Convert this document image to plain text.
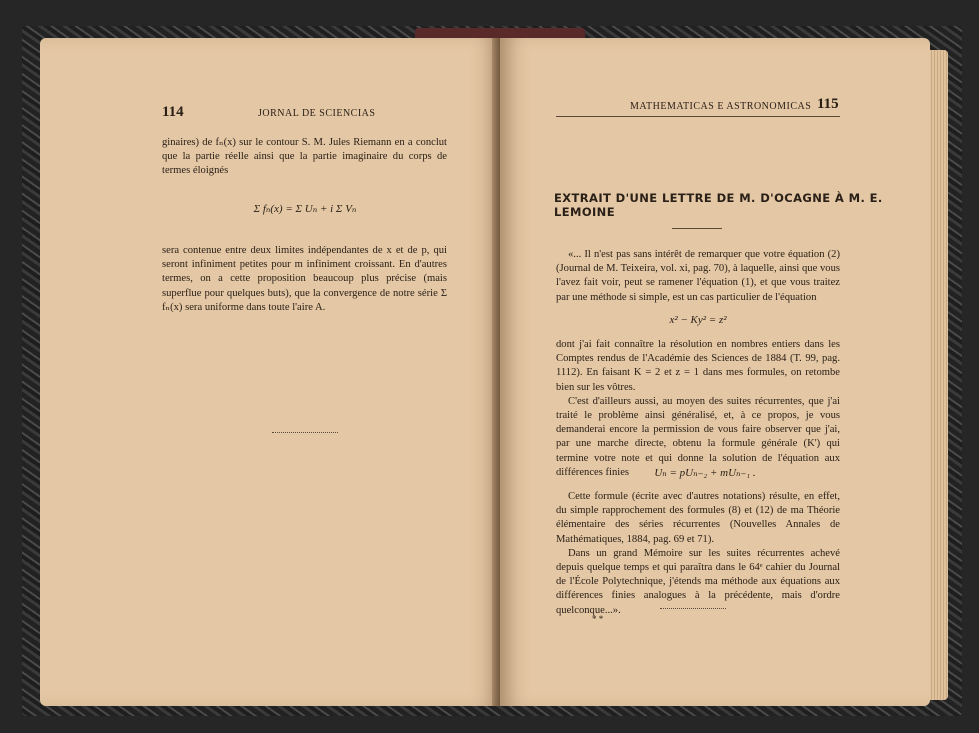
114	JORNAL DE SCIENCIAS

ginaires) de fₙ(x) sur le contour S. M. Jules Riemann en a conclut que la partie réelle ainsi que la partie imaginaire du corps de termes éloignés

Σ fₙ(x) = Σ Uₙ + i Σ Vₙ

sera contenue entre deux limites indépendantes de x et de p, qui seront infiniment petites pour m infiniment croissant. En d'autres termes, on a cette proposition beaucoup plus précise (mais superflue pour quelques buts), que la convergence de notre série Σ fₙ(x) sera uniforme dans toute l'aire A.

MATHEMATICAS E ASTRONOMICAS 115
EXTRAIT D'UNE LETTRE DE M. D'OCAGNE À M. E. LEMOINE

«... Il n'est pas sans intérêt de remarquer que votre équation (2) (Journal de M. Teixeira, vol. xi, pag. 70), à laquelle, ainsi que vous l'avez fait voir, peut se ramener l'équation (1), et que vous traitez par une méthode si simple, est un cas particulier de l'équation

x² − Ky² = z²

dont j'ai fait connaître la résolution en nombres entiers dans les Comptes rendus de l'Académie des Sciences de 1884 (T. 99, pag. 1112). En faisant K = 2 et z = 1 dans mes formules, on retombe bien sur les vôtres.

C'est d'ailleurs aussi, au moyen des suites récurrentes, que j'ai traité le problème ainsi généralisé, et, à ce propos, je vous demanderai encore la permission de vous faire observer que j'ai, par une marche directe, obtenu la formule générale (K') qui termine votre note et qui donne la solution de l'équation aux différences finies	Uₙ = pUₙ₋₂ + mUₙ₋₁ .

Cette formule (écrite avec d'autres notations) résulte, en effet, du simple rapprochement des formules (8) et (12) de ma Théorie élémentaire des séries récurrentes (Nouvelles Annales de Mathématiques, 1884, pag. 69 et 71).

Dans un grand Mémoire sur les suites récurrentes achevé depuis quelque temps et qui paraîtra dans le 64ᵉ cahier du Journal de l'École Polytechnique, j'étends ma méthode aux équations aux différences finies analogues à la précédente, mais d'ordre quelconque...».

* *
